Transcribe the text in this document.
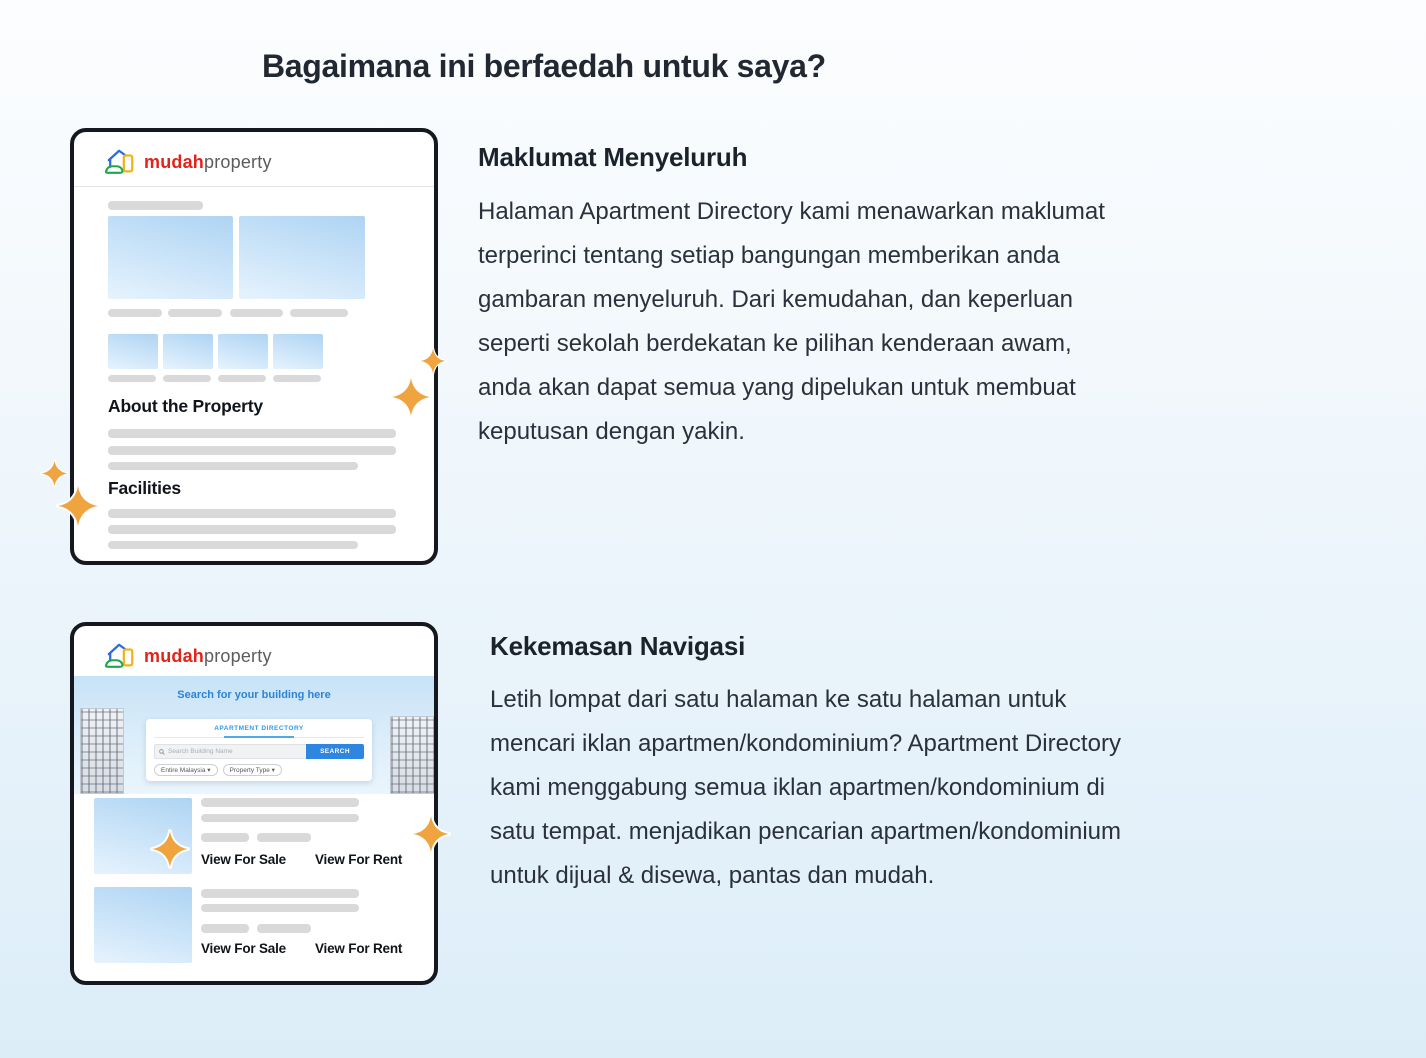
Bagaimana ini berfaedah untuk saya?
mudahproperty
About the Property
Facilities
mudahproperty
Search for your building here
APARTMENT DIRECTORY
Search Building Name	SEARCH
Entire Malaysia ▾	Property Type ▾
View For Sale View For Rent
View For Sale View For Rent
Maklumat Menyeluruh
Halaman Apartment Directory kami menawarkan maklumat
terperinci tentang setiap bangungan memberikan anda
gambaran menyeluruh. Dari kemudahan, dan keperluan
seperti sekolah berdekatan ke pilihan kenderaan awam,
anda akan dapat semua yang dipelukan untuk membuat
keputusan dengan yakin.
Kekemasan Navigasi
Letih lompat dari satu halaman ke satu halaman untuk
mencari iklan apartmen/kondominium? Apartment Directory
kami menggabung semua iklan apartmen/kondominium di
satu tempat. menjadikan pencarian apartmen/kondominium
untuk dijual & disewa, pantas dan mudah.
